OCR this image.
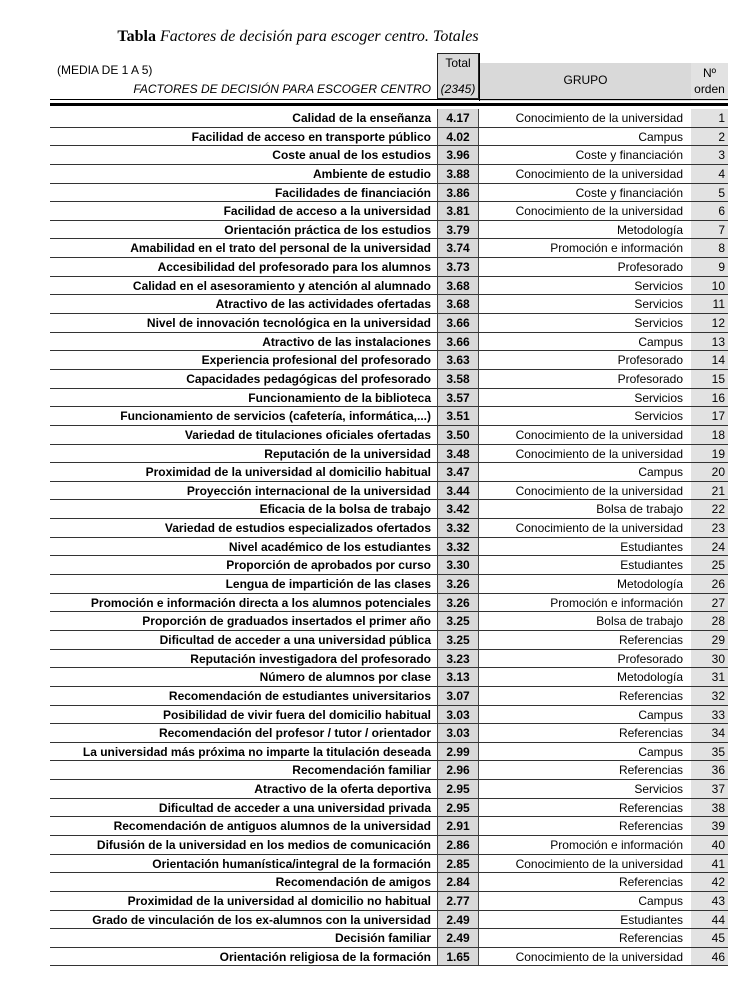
Tabla Factores de decisión para escoger centro. Totales
(MEDIA DE 1 A 5)	Total
FACTORES DE DECISIÓN PARA ESCOGER CENTRO (2345)
GRUPO	Nº
orden
Calidad de la enseñanza	4.17	Conocimiento de la universidad	1
Facilidad de acceso en transporte público	4.02	Campus	2
Coste anual de los estudios	3.96	Coste y financiación	3
Ambiente de estudio	3.88	Conocimiento de la universidad	4
Facilidades de financiación	3.86	Coste y financiación	5
Facilidad de acceso a la universidad	3.81	Conocimiento de la universidad	6
Orientación práctica de los estudios	3.79	Metodología	7
Amabilidad en el trato del personal de la universidad	3.74	Promoción e información	8
Accesibilidad del profesorado para los alumnos	3.73	Profesorado	9
Calidad en el asesoramiento y atención al alumnado	3.68	Servicios	10
Atractivo de las actividades ofertadas	3.68	Servicios	11
Nivel de innovación tecnológica en la universidad	3.66	Servicios	12
Atractivo de las instalaciones	3.66	Campus	13
Experiencia profesional del profesorado	3.63	Profesorado	14
Capacidades pedagógicas del profesorado	3.58	Profesorado	15
Funcionamiento de la biblioteca	3.57	Servicios	16
Funcionamiento de servicios (cafetería, informática,...)	3.51	Servicios	17
Variedad de titulaciones oficiales ofertadas	3.50	Conocimiento de la universidad	18
Reputación de la universidad	3.48	Conocimiento de la universidad	19
Proximidad de la universidad al domicilio habitual	3.47	Campus	20
Proyección internacional de la universidad	3.44	Conocimiento de la universidad	21
Eficacia de la bolsa de trabajo	3.42	Bolsa de trabajo	22
Variedad de estudios especializados ofertados	3.32	Conocimiento de la universidad	23
Nivel académico de los estudiantes	3.32	Estudiantes	24
Proporción de aprobados por curso	3.30	Estudiantes	25
Lengua de impartición de las clases	3.26	Metodología	26
Promoción e información directa a los alumnos potenciales	3.26	Promoción e información	27
Proporción de graduados insertados el primer año	3.25	Bolsa de trabajo	28
Dificultad de acceder a una universidad pública	3.25	Referencias	29
Reputación investigadora del profesorado	3.23	Profesorado	30
Número de alumnos por clase	3.13	Metodología	31
Recomendación de estudiantes universitarios	3.07	Referencias	32
Posibilidad de vivir fuera del domicilio habitual	3.03	Campus	33
Recomendación del profesor / tutor / orientador	3.03	Referencias	34
La universidad más próxima no imparte la titulación deseada	2.99	Campus	35
Recomendación familiar	2.96	Referencias	36
Atractivo de la oferta deportiva	2.95	Servicios	37
Dificultad de acceder a una universidad privada	2.95	Referencias	38
Recomendación de antiguos alumnos de la universidad	2.91	Referencias	39
Difusión de la universidad en los medios de comunicación	2.86	Promoción e información	40
Orientación humanística/integral de la formación	2.85	Conocimiento de la universidad	41
Recomendación de amigos	2.84	Referencias	42
Proximidad de la universidad al domicilio no habitual	2.77	Campus	43
Grado de vinculación de los ex-alumnos con la universidad	2.49	Estudiantes	44
Decisión familiar	2.49	Referencias	45
Orientación religiosa de la formación	1.65	Conocimiento de la universidad	46
